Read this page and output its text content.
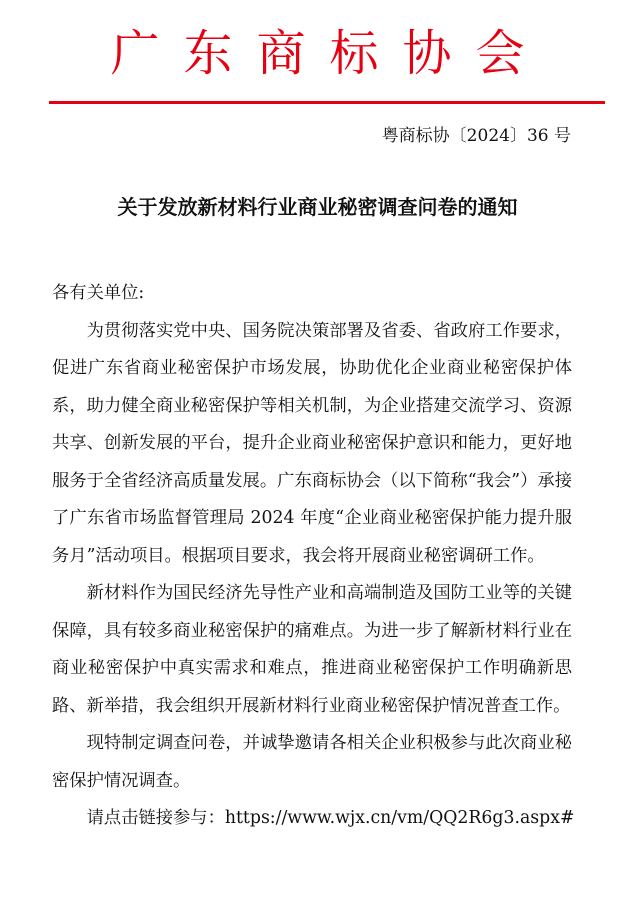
广东商标协会
粤商标协〔2024〕36 号
关于发放新材料行业商业秘密调查问卷的通知

各有关单位:

为贯彻落实党中央、国务院决策部署及省委、省政府工作要求，促进广东省商业秘密保护市场发展，协助优化企业商业秘密保护体系，助力健全商业秘密保护等相关机制，为企业搭建交流学习、资源共享、创新发展的平台，提升企业商业秘密保护意识和能力，更好地服务于全省经济高质量发展。广东商标协会（以下简称“我会”）承接了广东省市场监督管理局 2024 年度“企业商业秘密保护能力提升服务月”活动项目。根据项目要求，我会将开展商业秘密调研工作。

新材料作为国民经济先导性产业和高端制造及国防工业等的关键保障，具有较多商业秘密保护的痛难点。为进一步了解新材料行业在商业秘密保护中真实需求和难点，推进商业秘密保护工作明确新思路、新举措，我会组织开展新材料行业商业秘密保护情况普查工作。

现特制定调查问卷，并诚挚邀请各相关企业积极参与此次商业秘密保护情况调查。

请点击链接参与：https://www.wjx.cn/vm/QQ2R6g3.aspx#
